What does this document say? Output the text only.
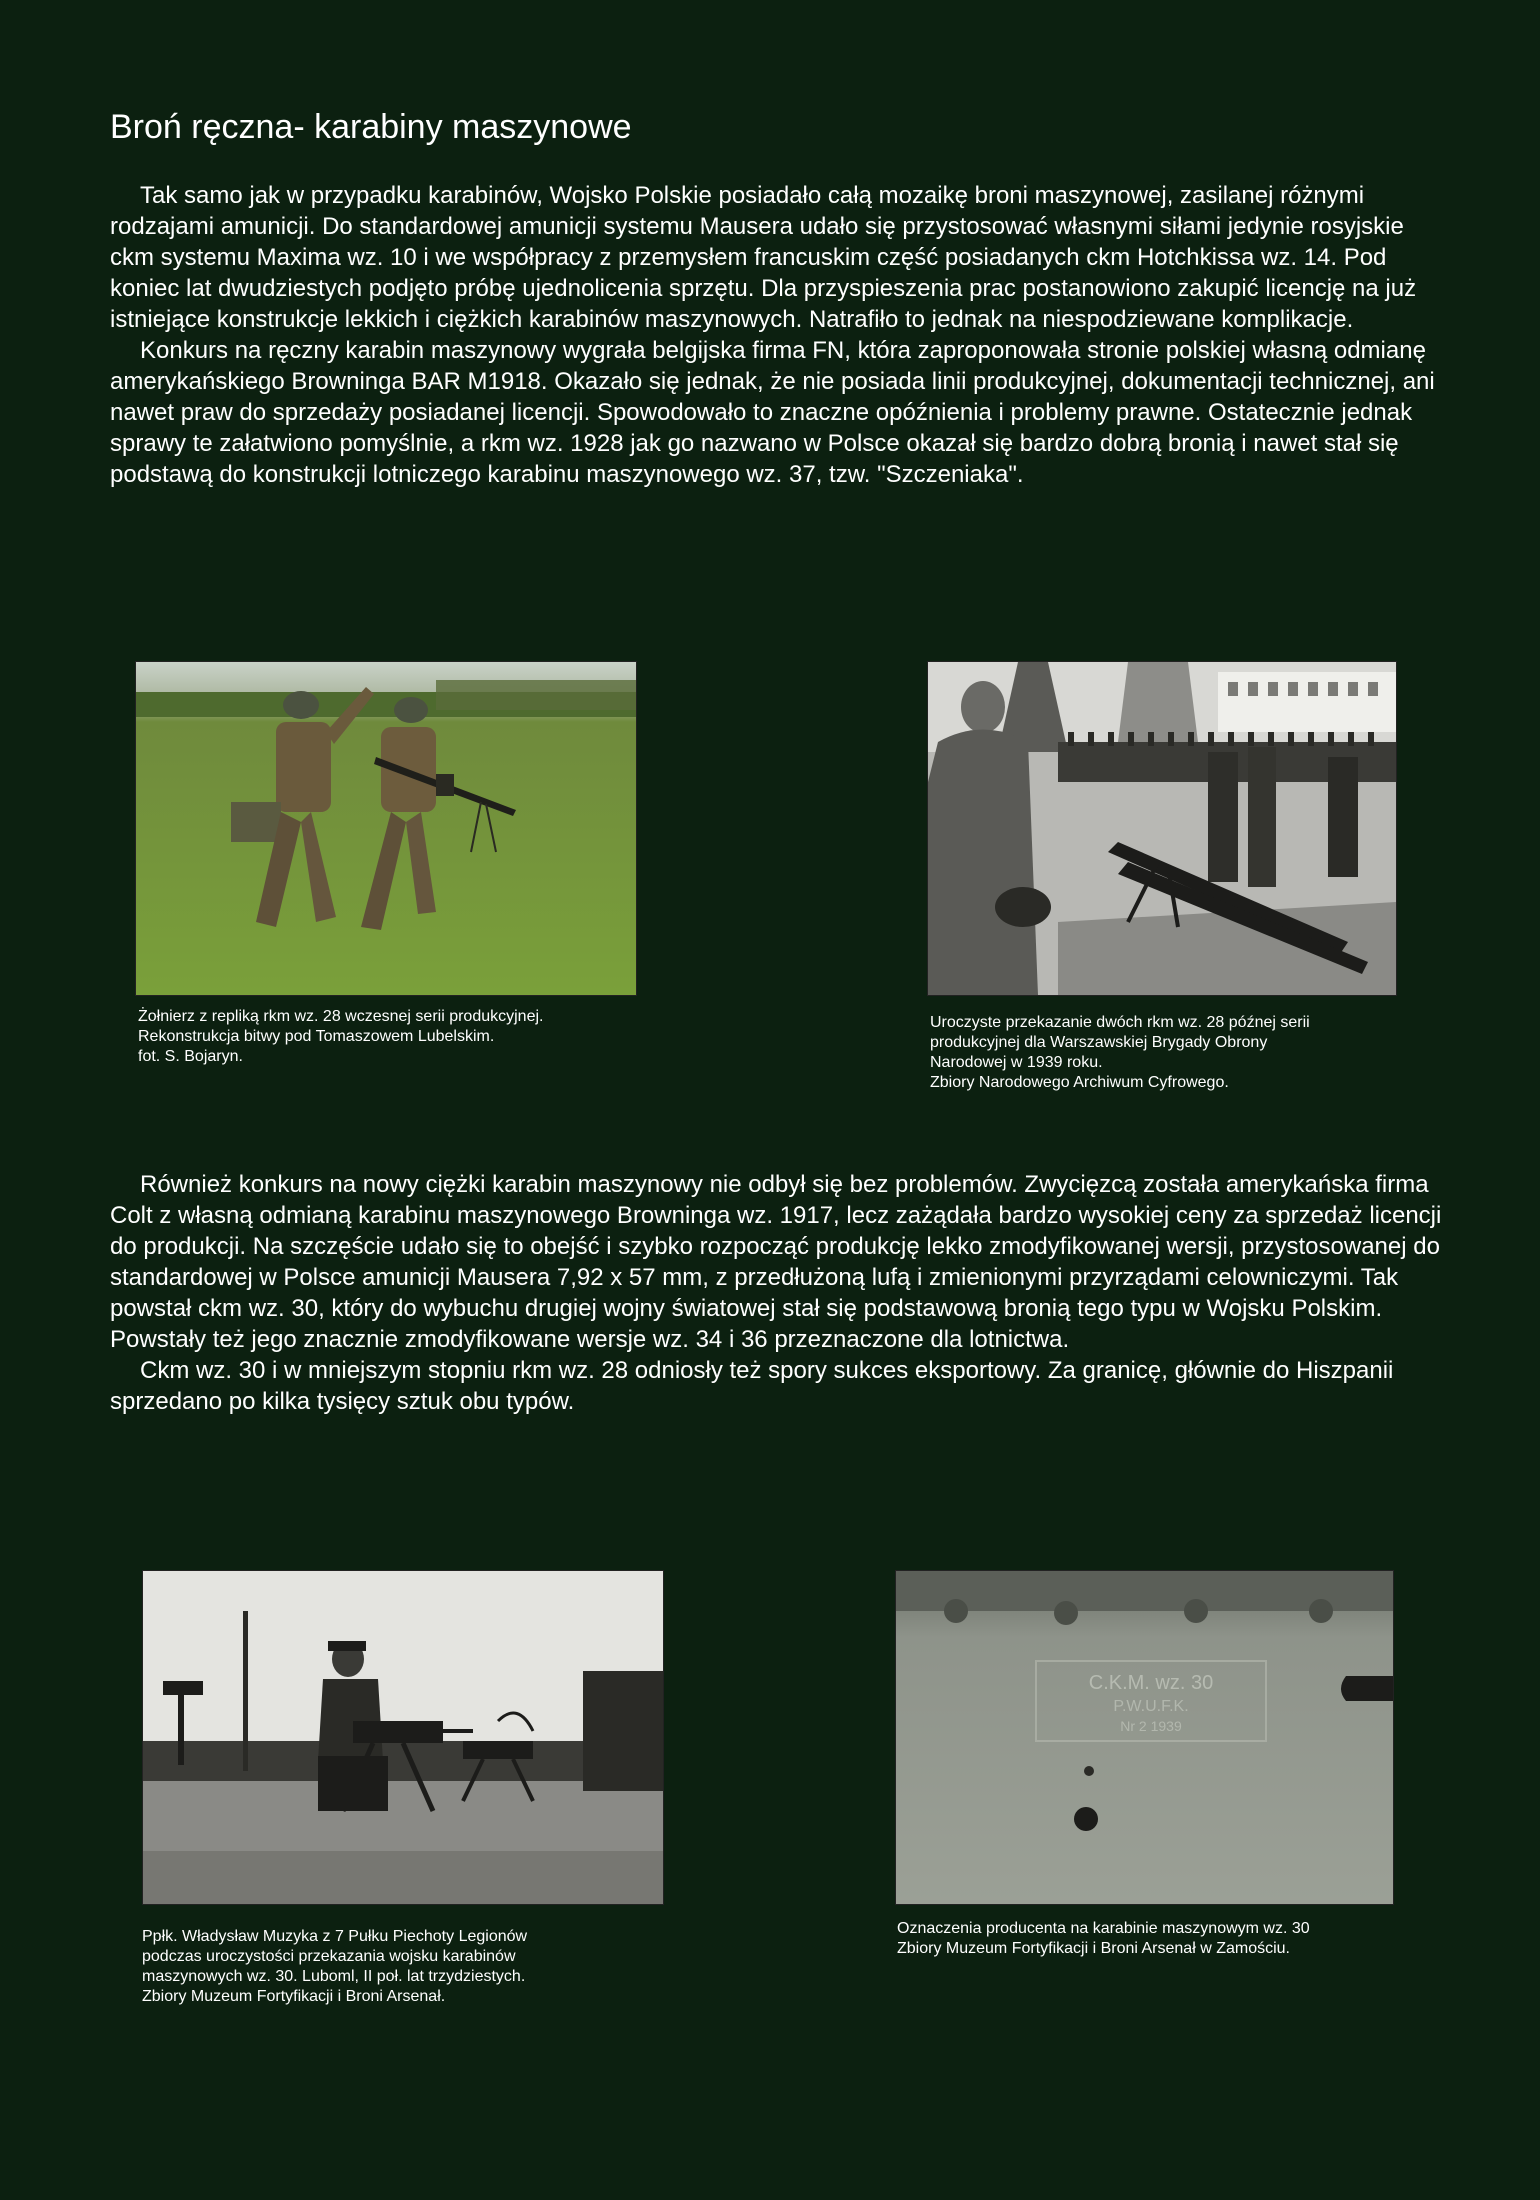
Broń ręczna- karabiny maszynowe

Tak samo jak w przypadku karabinów, Wojsko Polskie posiadało całą mozaikę broni maszynowej, zasilanej różnymi rodzajami amunicji. Do standardowej amunicji systemu Mausera udało się przystosować własnymi siłami jedynie rosyjskie ckm systemu Maxima wz. 10 i we współpracy z przemysłem francuskim część posiadanych ckm Hotchkissa wz. 14. Pod koniec lat dwudziestych podjęto próbę ujednolicenia sprzętu. Dla przyspieszenia prac postanowiono zakupić licencję na już istniejące konstrukcje lekkich i ciężkich karabinów maszynowych. Natrafiło to jednak na niespodziewane komplikacje.

Konkurs na ręczny karabin maszynowy wygrała belgijska firma FN, która zaproponowała stronie polskiej własną odmianę amerykańskiego Browninga BAR M1918. Okazało się jednak, że nie posiada linii produkcyjnej, dokumentacji technicznej, ani nawet praw do sprzedaży posiadanej licencji. Spowodowało to znaczne opóźnienia i problemy prawne. Ostatecznie jednak sprawy te załatwiono pomyślnie, a rkm wz. 1928 jak go nazwano w Polsce okazał się bardzo dobrą bronią i nawet stał się podstawą do konstrukcji lotniczego karabinu maszynowego wz. 37, tzw. "Szczeniaka".

Żołnierz z repliką rkm wz. 28 wczesnej serii produkcyjnej.
Rekonstrukcja bitwy pod Tomaszowem Lubelskim.
fot. S. Bojaryn.
Uroczyste przekazanie dwóch rkm wz. 28 późnej serii
produkcyjnej dla Warszawskiej Brygady Obrony
Narodowej w 1939 roku.
Zbiory Narodowego Archiwum Cyfrowego.

Również konkurs na nowy ciężki karabin maszynowy nie odbył się bez problemów. Zwycięzcą została amerykańska firma Colt z własną odmianą karabinu maszynowego Browninga wz. 1917, lecz zażądała bardzo wysokiej ceny za sprzedaż licencji do produkcji. Na szczęście udało się to obejść i szybko rozpocząć produkcję lekko zmodyfikowanej wersji, przystosowanej do standardowej w Polsce amunicji Mausera 7,92 x 57 mm, z przedłużoną lufą i zmienionymi przyrządami celowniczymi. Tak powstał ckm wz. 30, który do wybuchu drugiej wojny światowej stał się podstawową bronią tego typu w Wojsku Polskim.

Powstały też jego znacznie zmodyfikowane wersje wz. 34 i 36 przeznaczone dla lotnictwa.

Ckm wz. 30 i w mniejszym stopniu rkm wz. 28 odniosły też spory sukces eksportowy. Za granicę, głównie do Hiszpanii sprzedano po kilka tysięcy sztuk obu typów.

Ppłk. Władysław Muzyka z 7 Pułku Piechoty Legionów
podczas uroczystości przekazania wojsku karabinów
maszynowych wz. 30. Luboml, II poł. lat trzydziestych.
Zbiory Muzeum Fortyfikacji i Broni Arsenał.
C.K.M. wz. 30
P.W.U.F.K.
Nr 2 1939
Oznaczenia producenta na karabinie maszynowym wz. 30
Zbiory Muzeum Fortyfikacji i Broni Arsenał w Zamościu.
